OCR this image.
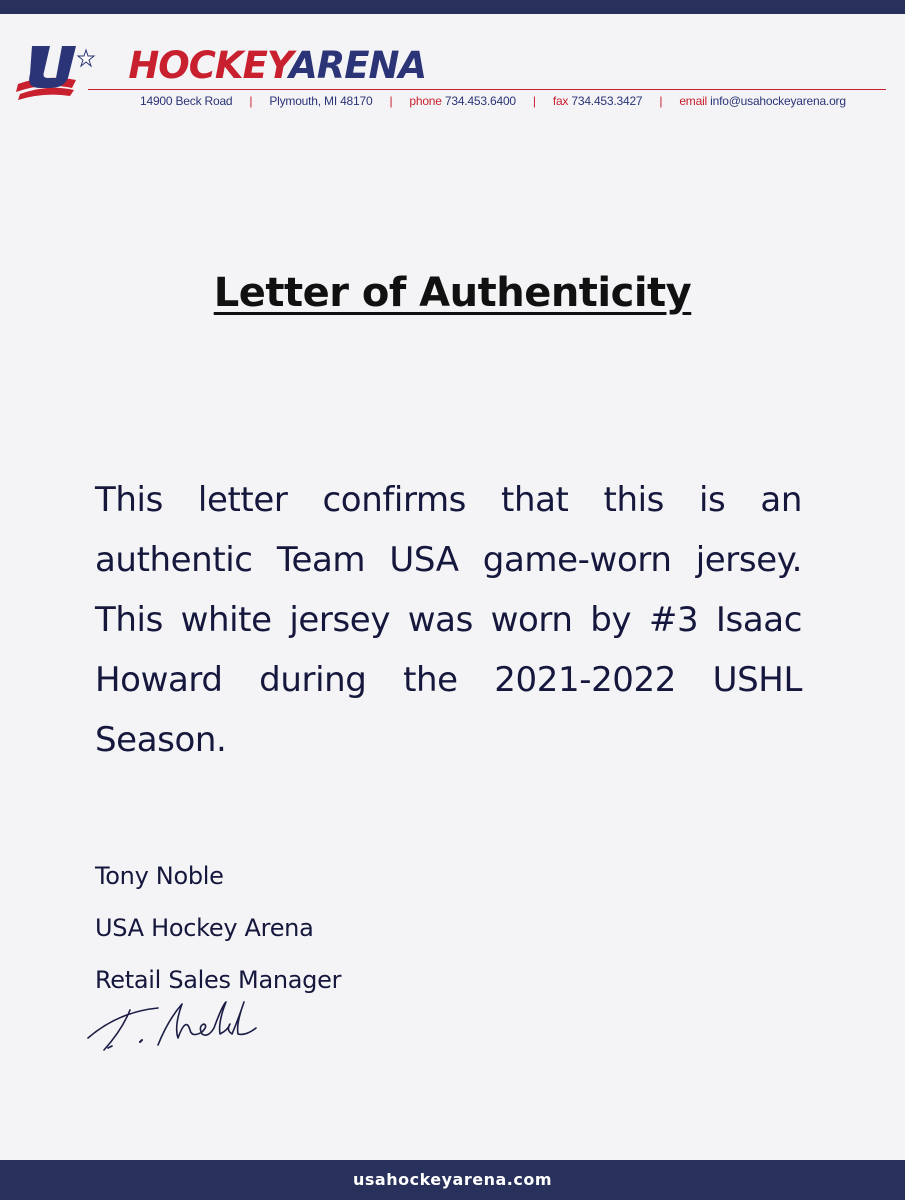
HOCKEYARENA
14900 Beck Road | Plymouth, MI 48170 | phone 734.453.6400 | fax 734.453.3427 | email info@usahockeyarena.org
Letter of Authenticity
This letter confirms that this is an authentic Team USA game-worn jersey. This white jersey was worn by #3 Isaac Howard during the 2021-2022 USHL Season.
Tony Noble
USA Hockey Arena
Retail Sales Manager
usahockeyarena.com
